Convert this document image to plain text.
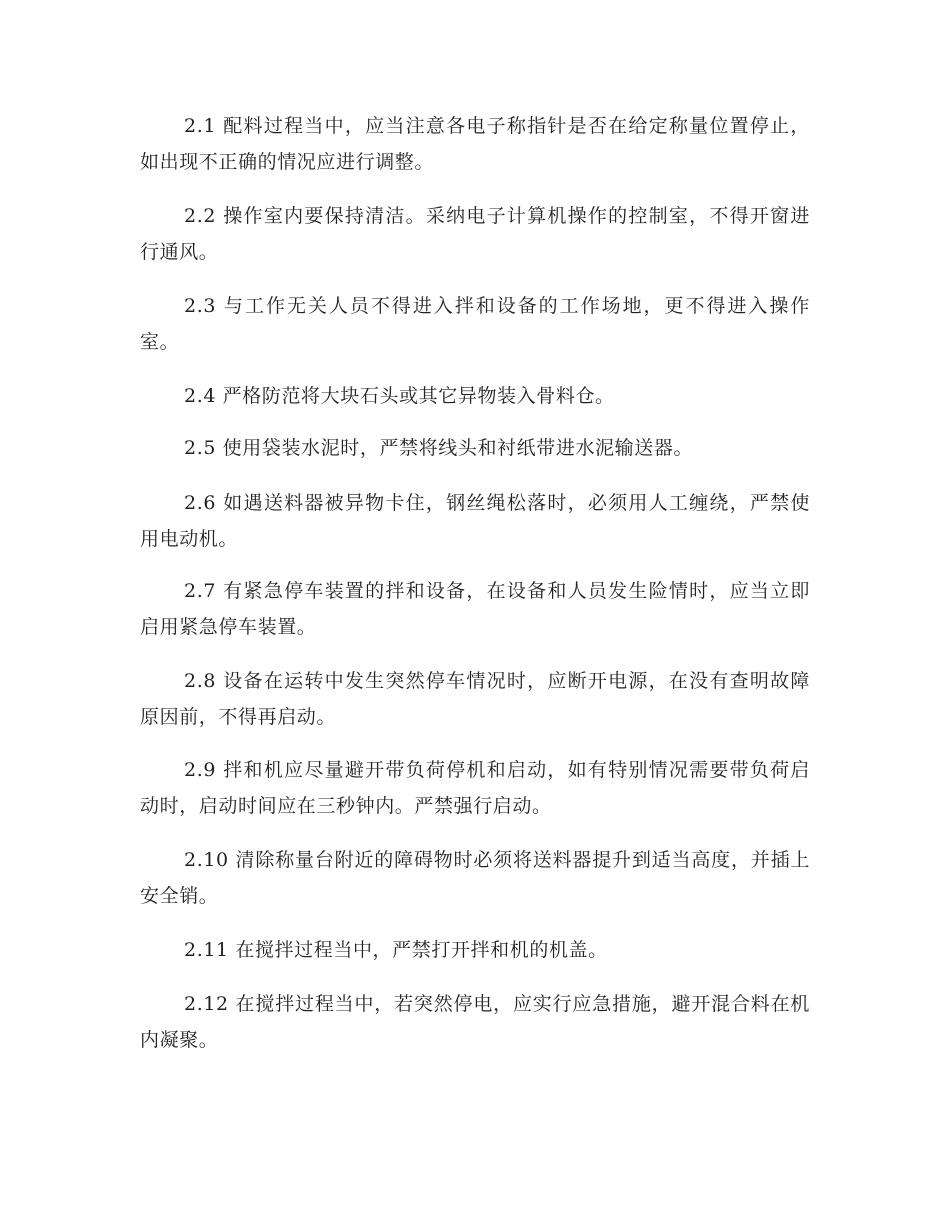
2.1 配料过程当中，应当注意各电子称指针是否在给定称量位置停止，如出现不正确的情况应进行调整。

2.2 操作室内要保持清洁。采纳电子计算机操作的控制室，不得开窗进行通风。

2.3 与工作无关人员不得进入拌和设备的工作场地，更不得进入操作室。

2.4 严格防范将大块石头或其它异物装入骨料仓。

2.5 使用袋装水泥时，严禁将线头和衬纸带进水泥输送器。

2.6 如遇送料器被异物卡住，钢丝绳松落时，必须用人工缠绕，严禁使用电动机。

2.7 有紧急停车装置的拌和设备，在设备和人员发生险情时，应当立即启用紧急停车装置。

2.8 设备在运转中发生突然停车情况时，应断开电源，在没有查明故障原因前，不得再启动。

2.9 拌和机应尽量避开带负荷停机和启动，如有特别情况需要带负荷启动时，启动时间应在三秒钟内。严禁强行启动。

2.10 清除称量台附近的障碍物时必须将送料器提升到适当高度，并插上安全销。

2.11 在搅拌过程当中，严禁打开拌和机的机盖。

2.12 在搅拌过程当中，若突然停电，应实行应急措施，避开混合料在机内凝聚。
